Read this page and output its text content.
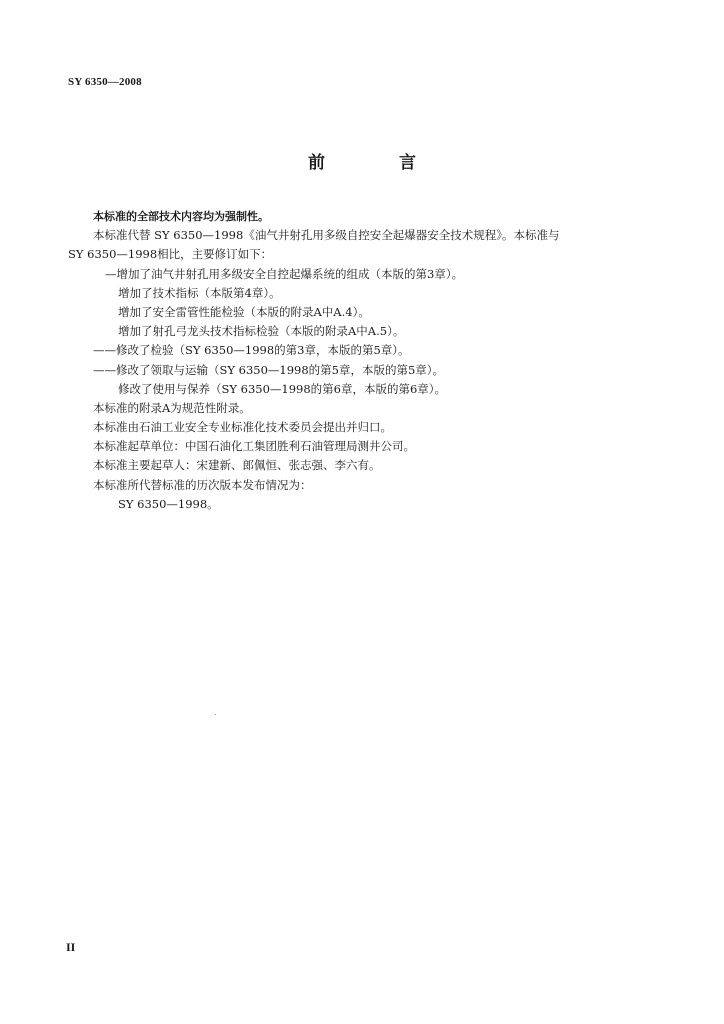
SY 6350—2008
前 言
本标准的全部技术内容均为强制性。
本标准代替 SY 6350—1998《油气井射孔用多级自控安全起爆器安全技术规程》。本标准与
SY 6350—1998相比，主要修订如下：
—增加了油气井射孔用多级安全自控起爆系统的组成（本版的第3章）。
增加了技术指标（本版第4章）。
增加了安全雷管性能检验（本版的附录A中A.4）。
增加了射孔弓龙头技术指标检验（本版的附录A中A.5）。
——修改了检验（SY 6350—1998的第3章，本版的第5章）。
——修改了领取与运输（SY 6350—1998的第5章，本版的第5章）。
修改了使用与保养（SY 6350—1998的第6章，本版的第6章）。
本标准的附录A为规范性附录。
本标准由石油工业安全专业标准化技术委员会提出并归口。
本标准起草单位：中国石油化工集团胜利石油管理局测井公司。
本标准主要起草人：宋建新、郎佩恒、张志强、李六有。
本标准所代替标准的历次版本发布情况为：
SY 6350—1998。
II
